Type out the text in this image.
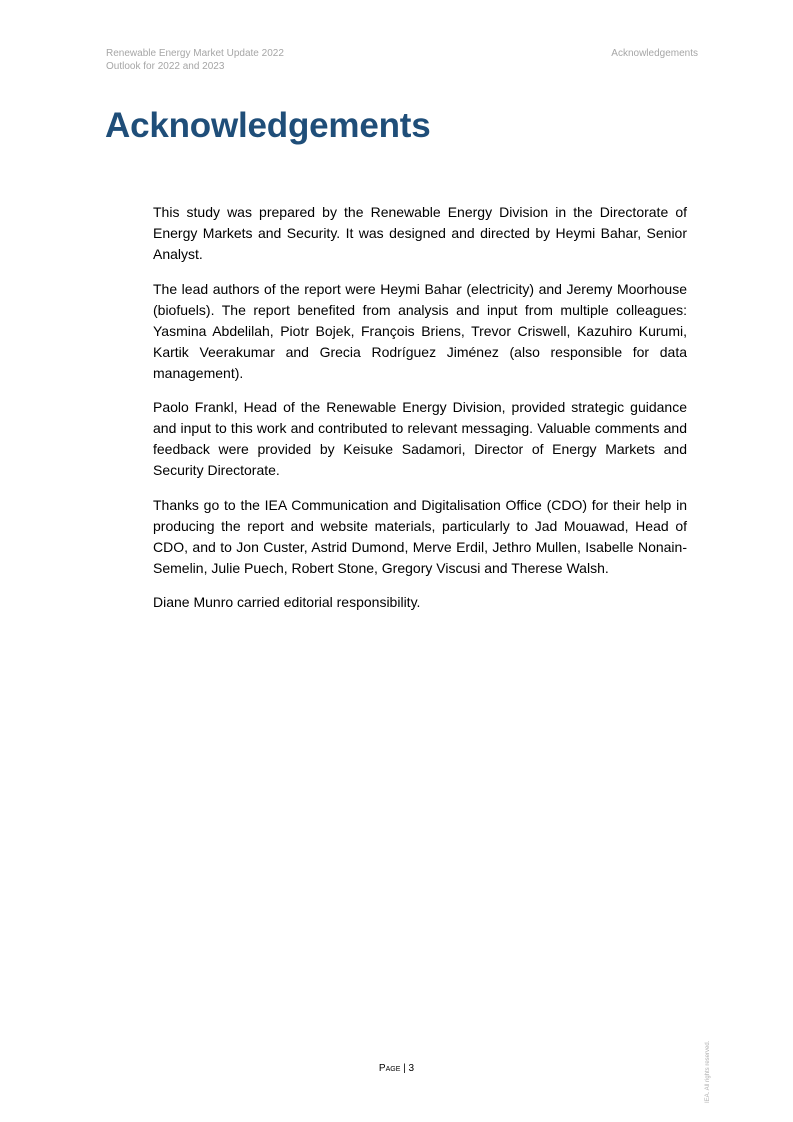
Renewable Energy Market Update 2022
Outlook for 2022 and 2023
Acknowledgements
Acknowledgements

This study was prepared by the Renewable Energy Division in the Directorate of Energy Markets and Security. It was designed and directed by Heymi Bahar, Senior Analyst.

The lead authors of the report were Heymi Bahar (electricity) and Jeremy Moorhouse (biofuels). The report benefited from analysis and input from multiple colleagues: Yasmina Abdelilah, Piotr Bojek, François Briens, Trevor Criswell, Kazuhiro Kurumi, Kartik Veerakumar and Grecia Rodríguez Jiménez (also responsible for data management).

Paolo Frankl, Head of the Renewable Energy Division, provided strategic guidance and input to this work and contributed to relevant messaging. Valuable comments and feedback were provided by Keisuke Sadamori, Director of Energy Markets and Security Directorate.

Thanks go to the IEA Communication and Digitalisation Office (CDO) for their help in producing the report and website materials, particularly to Jad Mouawad, Head of CDO, and to Jon Custer, Astrid Dumond, Merve Erdil, Jethro Mullen, Isabelle Nonain-Semelin, Julie Puech, Robert Stone, Gregory Viscusi and Therese Walsh.

Diane Munro carried editorial responsibility.

Page | 3	IEA. All rights reserved.
